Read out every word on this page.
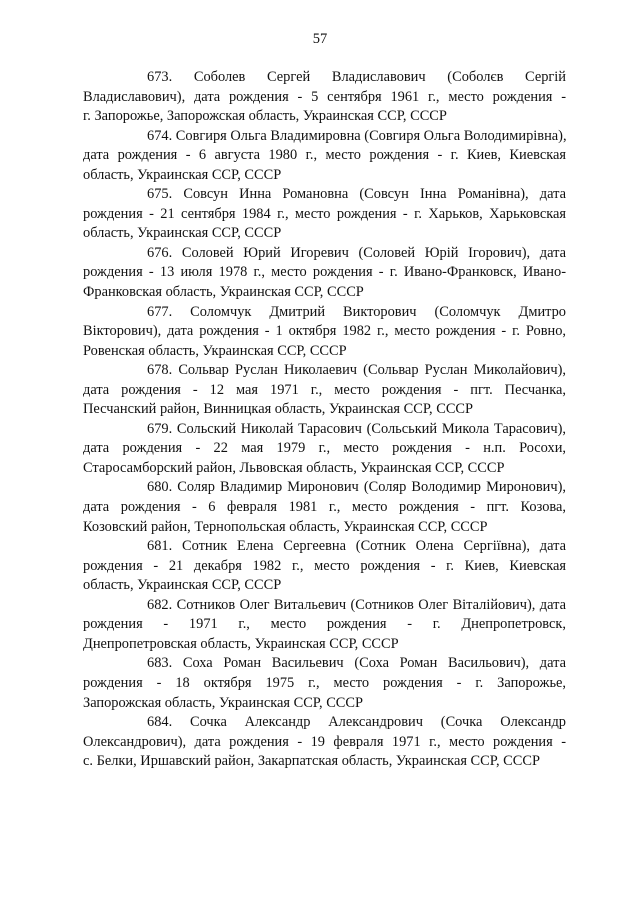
57
673. Соболев Сергей Владиславович (Соболєв Сергій
Владиславович), дата рождения - 5 сентября 1961 г., место рождения -
г. Запорожье, Запорожская область, Украинская ССР, СССР
674. Совгиря Ольга Владимировна (Совгиря Ольга Володимирівна),
дата рождения - 6 августа 1980 г., место рождения - г. Киев, Киевская
область, Украинская ССР, СССР
675. Совсун Инна Романовна (Совсун Інна Романівна), дата
рождения - 21 сентября 1984 г., место рождения - г. Харьков, Харьковская
область, Украинская ССР, СССР
676. Соловей Юрий Игоревич (Соловей Юрій Ігорович), дата
рождения - 13 июля 1978 г., место рождения - г. Ивано-Франковск, Ивано-
Франковская область, Украинская ССР, СССР
677. Соломчук Дмитрий Викторович (Соломчук Дмитро
Вікторович), дата рождения - 1 октября 1982 г., место рождения - г. Ровно,
Ровенская область, Украинская ССР, СССР
678. Сольвар Руслан Николаевич (Сольвар Руслан Миколайович),
дата рождения - 12 мая 1971 г., место рождения - пгт. Песчанка,
Песчанский район, Винницкая область, Украинская ССР, СССР
679. Сольский Николай Тарасович (Сольський Микола Тарасович),
дата рождения - 22 мая 1979 г., место рождения - н.п. Росохи,
Старосамборский район, Львовская область, Украинская ССР, СССР
680. Соляр Владимир Миронович (Соляр Володимир Миронович),
дата рождения - 6 февраля 1981 г., место рождения - пгт. Козова,
Козовский район, Тернопольская область, Украинская ССР, СССР
681. Сотник Елена Сергеевна (Сотник Олена Сергіївна), дата
рождения - 21 декабря 1982 г., место рождения - г. Киев, Киевская
область, Украинская ССР, СССР
682. Сотников Олег Витальевич (Сотников Олег Віталійович), дата
рождения - 1971 г., место рождения - г. Днепропетровск,
Днепропетровская область, Украинская ССР, СССР
683. Соха Роман Васильевич (Соха Роман Васильович), дата
рождения - 18 октября 1975 г., место рождения - г. Запорожье,
Запорожская область, Украинская ССР, СССР
684. Сочка Александр Александрович (Сочка Олександр
Олександрович), дата рождения - 19 февраля 1971 г., место рождения -
с. Белки, Иршавский район, Закарпатская область, Украинская ССР, СССР
